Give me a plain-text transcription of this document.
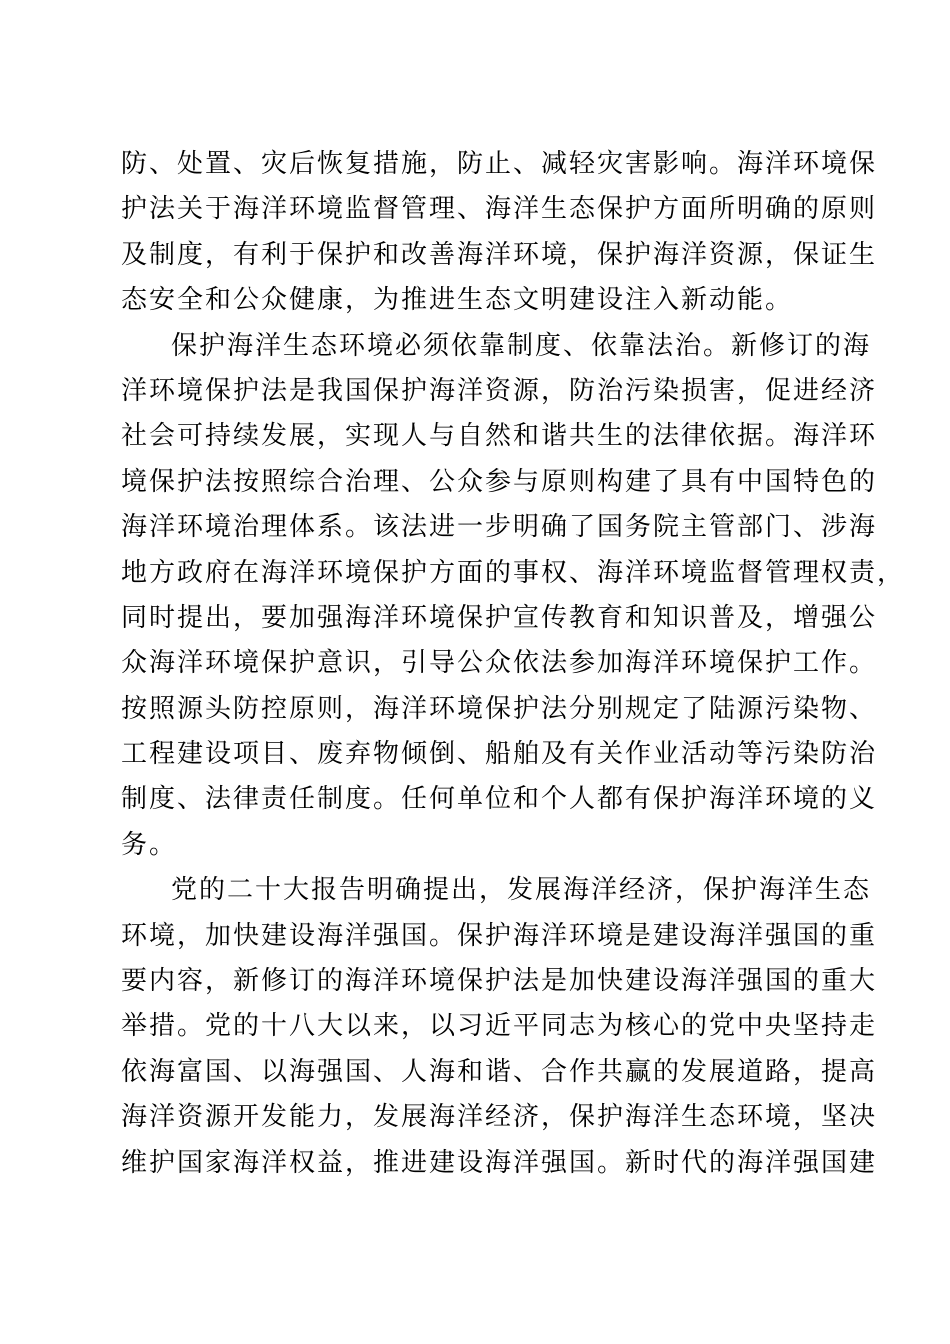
防、处置、灾后恢复措施，防止、减轻灾害影响。海洋环境保
护法关于海洋环境监督管理、海洋生态保护方面所明确的原则
及制度，有利于保护和改善海洋环境，保护海洋资源，保证生
态安全和公众健康，为推进生态文明建设注入新动能。
保护海洋生态环境必须依靠制度、依靠法治。新修订的海
洋环境保护法是我国保护海洋资源，防治污染损害，促进经济
社会可持续发展，实现人与自然和谐共生的法律依据。海洋环
境保护法按照综合治理、公众参与原则构建了具有中国特色的
海洋环境治理体系。该法进一步明确了国务院主管部门、涉海
地方政府在海洋环境保护方面的事权、海洋环境监督管理权责，
同时提出，要加强海洋环境保护宣传教育和知识普及，增强公
众海洋环境保护意识，引导公众依法参加海洋环境保护工作。
按照源头防控原则，海洋环境保护法分别规定了陆源污染物、
工程建设项目、废弃物倾倒、船舶及有关作业活动等污染防治
制度、法律责任制度。任何单位和个人都有保护海洋环境的义
务。
党的二十大报告明确提出，发展海洋经济，保护海洋生态
环境，加快建设海洋强国。保护海洋环境是建设海洋强国的重
要内容，新修订的海洋环境保护法是加快建设海洋强国的重大
举措。党的十八大以来，以习近平同志为核心的党中央坚持走
依海富国、以海强国、人海和谐、合作共赢的发展道路，提高
海洋资源开发能力，发展海洋经济，保护海洋生态环境，坚决
维护国家海洋权益，推进建设海洋强国。新时代的海洋强国建
